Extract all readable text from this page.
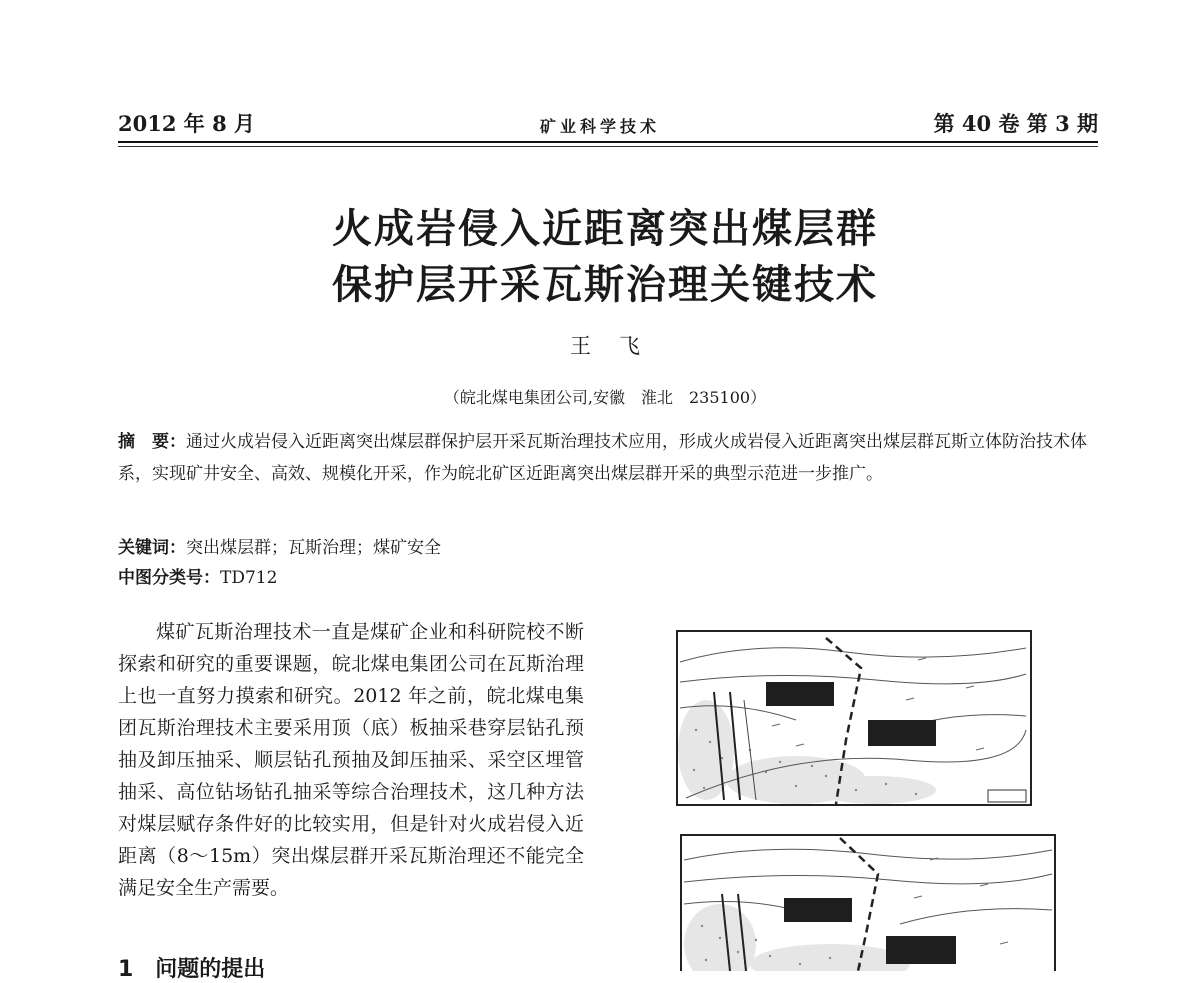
2012 年 8 月	矿业科学技术	第 40 卷 第 3 期
火成岩侵入近距离突出煤层群
保护层开采瓦斯治理关键技术
王飞
（皖北煤电集团公司,安徽　淮北　235100）
摘　要：通过火成岩侵入近距离突出煤层群保护层开采瓦斯治理技术应用，形成火成岩侵入近距离突出煤层群瓦斯立体防治技术体系，实现矿井安全、高效、规模化开采，作为皖北矿区近距离突出煤层群开采的典型示范进一步推广。
关键词：突出煤层群；瓦斯治理；煤矿安全
中图分类号：TD712
煤矿瓦斯治理技术一直是煤矿企业和科研院校不断探索和研究的重要课题，皖北煤电集团公司在瓦斯治理上也一直努力摸索和研究。2012 年之前，皖北煤电集团瓦斯治理技术主要采用顶（底）板抽采巷穿层钻孔预抽及卸压抽采、顺层钻孔预抽及卸压抽采、采空区埋管抽采、高位钻场钻孔抽采等综合治理技术，这几种方法对煤层赋存条件好的比较实用，但是针对火成岩侵入近距离（8～15m）突出煤层群开采瓦斯治理还不能完全满足安全生产需要。
1　问题的提出
